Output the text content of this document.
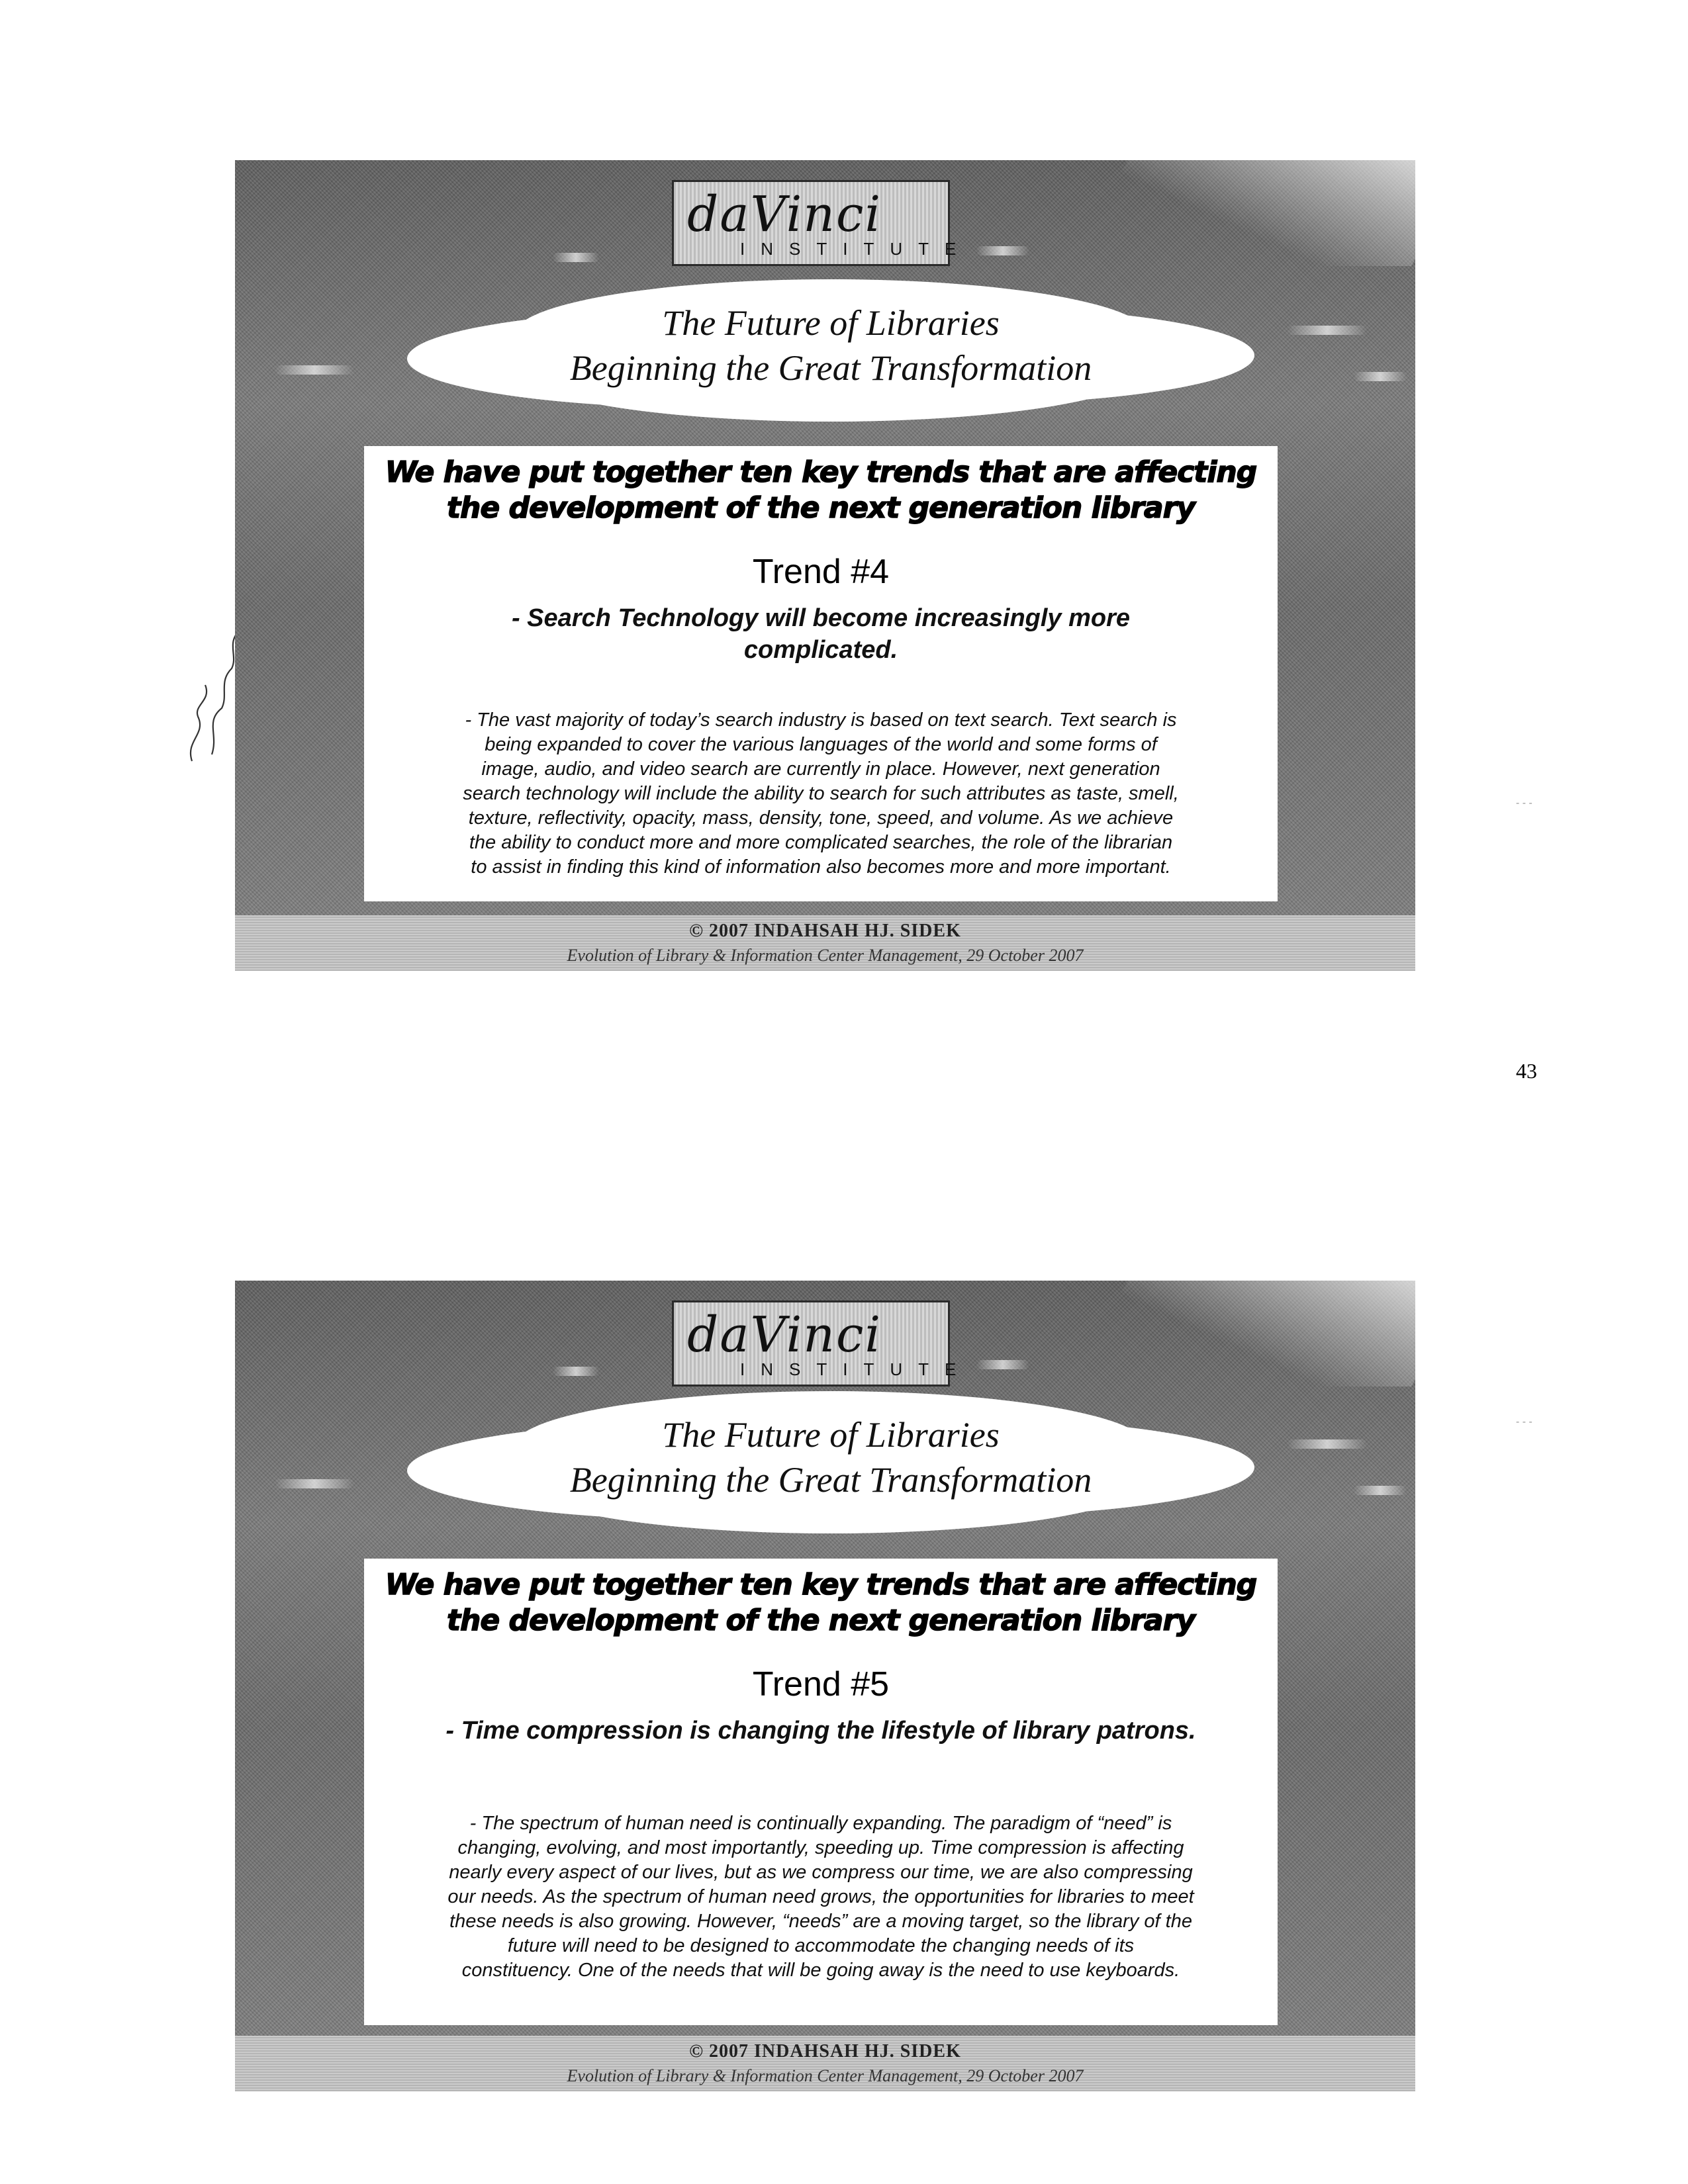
- - -
- - -
daVinci
INSTITUTE
The Future of Libraries
Beginning the Great Transformation
We have put together ten key trends that are affecting
the development of the next generation library
Trend #4
- Search Technology will become increasingly more
complicated.
- The vast majority of today’s search industry is based on text search. Text search is
being expanded to cover the various languages of the world and some forms of
image, audio, and video search are currently in place. However, next generation
search technology will include the ability to search for such attributes as taste, smell,
texture, reflectivity, opacity, mass, density, tone, speed, and volume. As we achieve
the ability to conduct more and more complicated searches, the role of the librarian
to assist in finding this kind of information also becomes more and more important.
© 2007 INDAHSAH HJ. SIDEK
Evolution of Library & Information Center Management, 29 October 2007
43
daVinci
INSTITUTE
The Future of Libraries
Beginning the Great Transformation
We have put together ten key trends that are affecting
the development of the next generation library
Trend #5
- Time compression is changing the lifestyle of library patrons.
- The spectrum of human need is continually expanding. The paradigm of “need” is
changing, evolving, and most importantly, speeding up. Time compression is affecting
nearly every aspect of our lives, but as we compress our time, we are also compressing
our needs. As the spectrum of human need grows, the opportunities for libraries to meet
these needs is also growing. However, “needs” are a moving target, so the library of the
future will need to be designed to accommodate the changing needs of its
constituency. One of the needs that will be going away is the need to use keyboards.
© 2007 INDAHSAH HJ. SIDEK
Evolution of Library & Information Center Management, 29 October 2007
